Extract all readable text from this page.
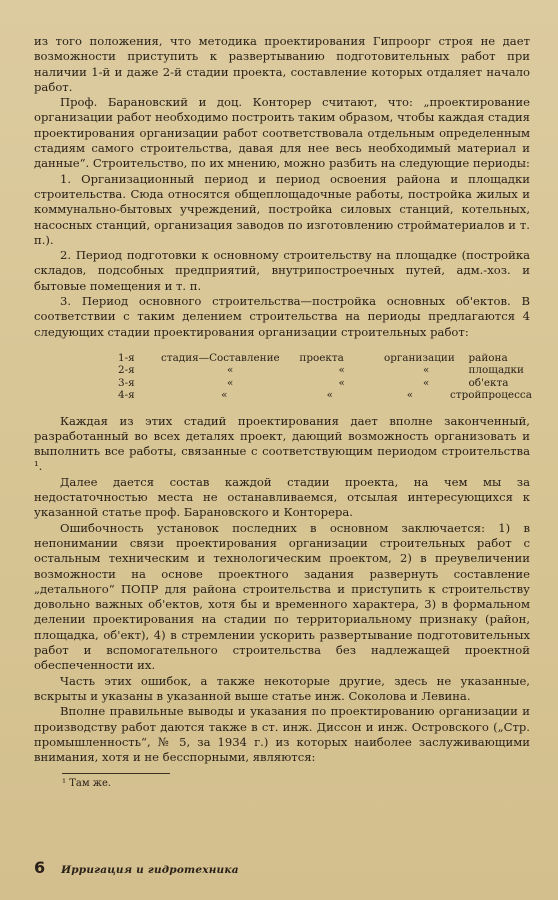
из того положения, что методика проектирования Гипроорг строя не дает возможности приступить к развертыванию подготовительных работ при наличии 1-й и даже 2-й стадии проекта, составление которых отдаляет начало работ.

Проф. Барановский и доц. Конторер считают, что: „проектирование организации работ необходимо построить таким образом, чтобы каждая стадия проектирования организации работ соответствовала отдельным определенным стадиям самого строительства, давая для нее весь необходимый материал и данные“. Строительство, по их мнению, можно разбить на следующие периоды:

1. Организационный период и период освоения района и площадки строительства. Сюда относятся общеплощадочные работы, постройка жилых и коммунально-бытовых учреждений, постройка силовых станций, котельных, насосных станций, организация заводов по изготовлению стройматериалов и т. п.).

2. Период подготовки к основному строительству на площадке (постройка складов, подсобных предприятий, внутрипостроечных путей, адм.-хоз. и бытовые помещения и т. п.

3. Период основного строительства—постройка основных об'ектов. В соответствии с таким делением строительства на периоды предлагаются 4 следующих стадии проектирования организации строительных работ:

1-я	стадия—Составление	проекта	организации	района
2-я	«	«	«	площадки
3-я	«	«	«	об'екта
4-я	«	«	«	стройпроцесса

Каждая из этих стадий проектирования дает вполне законченный, разработанный во всех деталях проект, дающий возможность организовать и выполнить все работы, связанные с соответствующим периодом строительства ¹.

Далее дается состав каждой стадии проекта, на чем мы за недостаточностью места не останавливаемся, отсылая интересующихся к указанной статье проф. Барановского и Конторера.

Ошибочность установок последних в основном заключается: 1) в непонимании связи проектирования организации строительных работ с остальным техническим и технологическим проектом, 2) в преувеличении возможности на основе проектного задания развернуть составление „детального“ ПОПР для района строительства и приступить к строительству довольно важных об'ектов, хотя бы и временного характера, 3) в формальном делении проектирования на стадии по территориальному признаку (район, площадка, об'ект), 4) в стремлении ускорить развертывание подготовительных работ и вспомогательного строительства без надлежащей проектной обеспеченности их.

Часть этих ошибок, а также некоторые другие, здесь не указанные, вскрыты и указаны в указанной выше статье инж. Соколова и Левина.

Вполне правильные выводы и указания по проектированию организации и производству работ даются также в ст. инж. Диссон и инж. Островского („Стр. промышленность“, № 5, за 1934 г.) из которых наиболее заслуживающими внимания, хотя и не бесспорными, являются:

¹ Там же.
6 Ирригация и гидротехника
